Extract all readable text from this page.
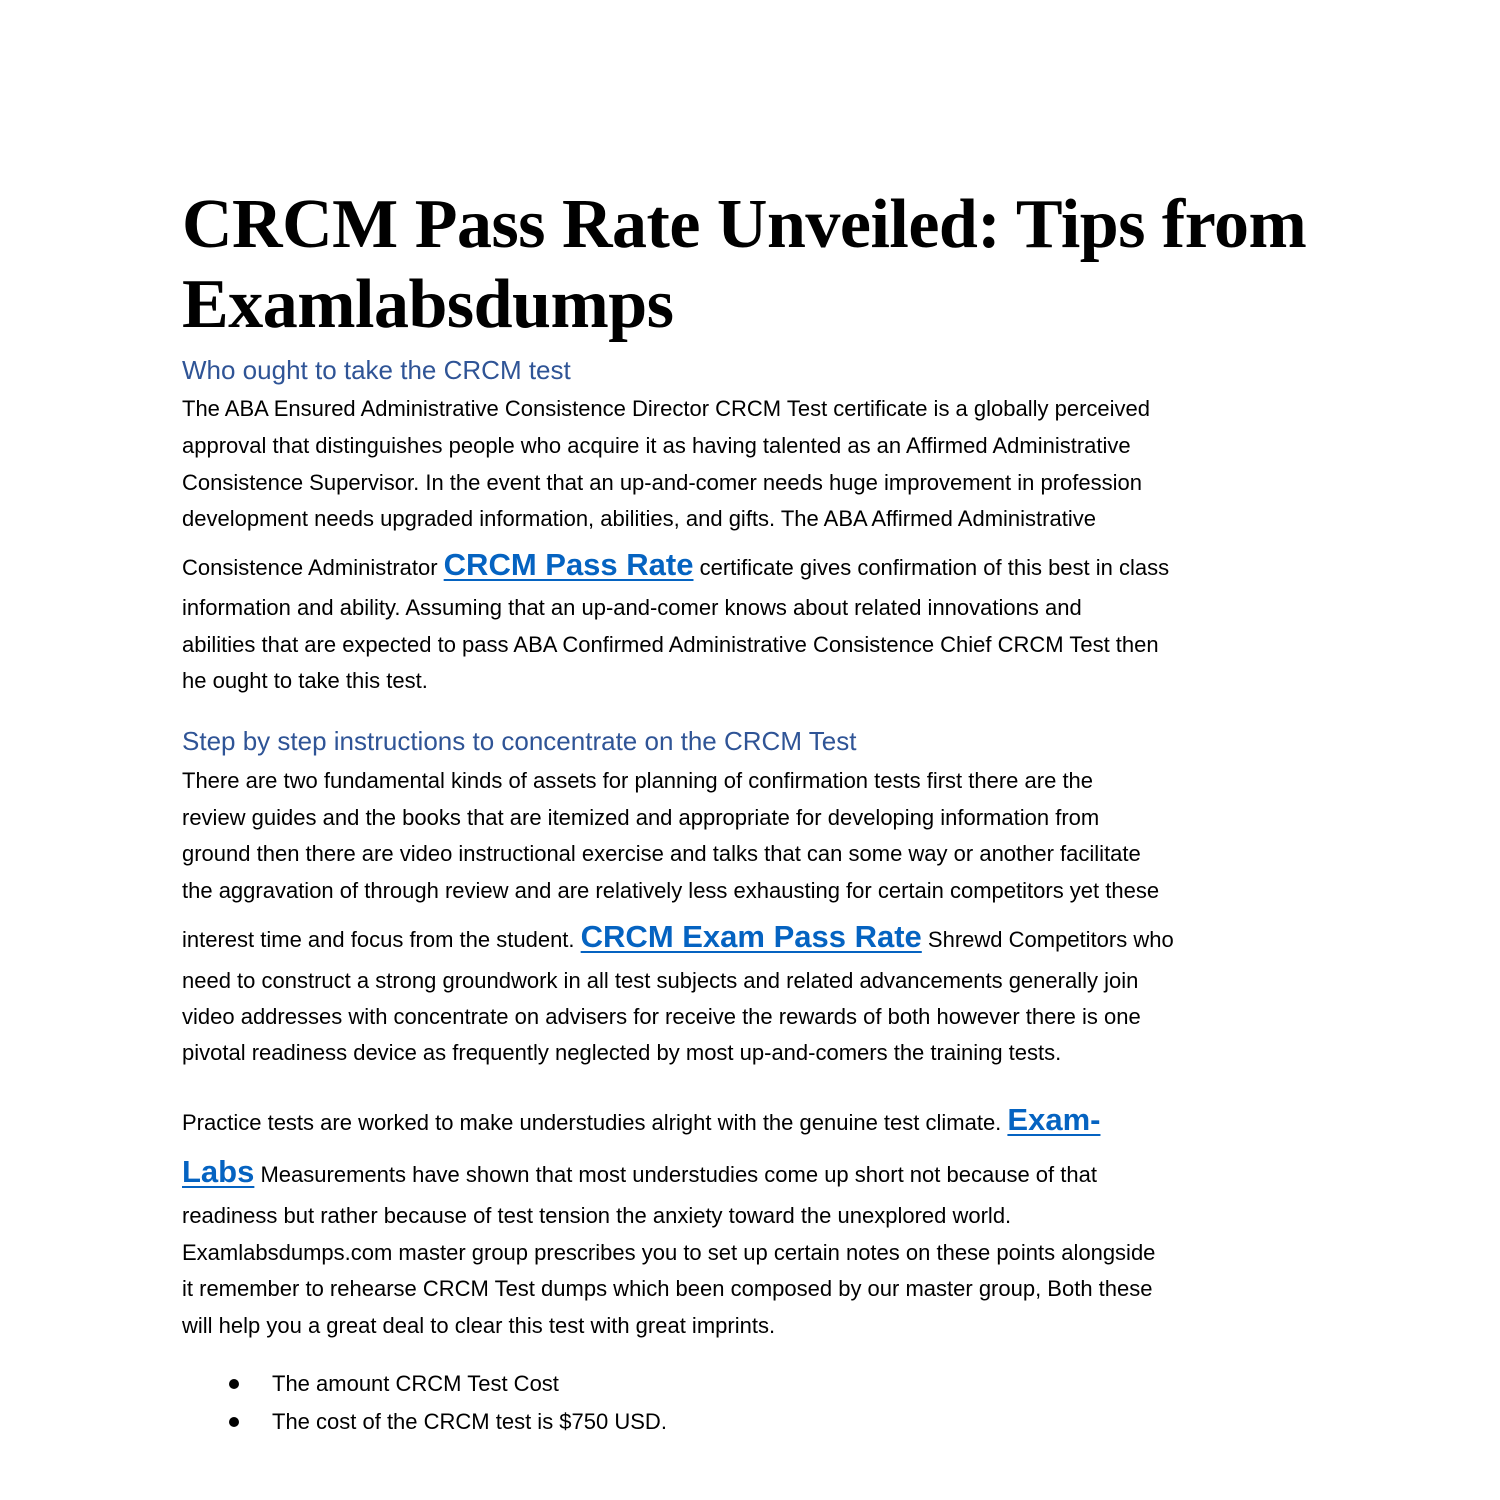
CRCM Pass Rate Unveiled: Tips from
Examlabsdumps
Who ought to take the CRCM test
The ABA Ensured Administrative Consistence Director CRCM Test certificate is a globally perceived
approval that distinguishes people who acquire it as having talented as an Affirmed Administrative
Consistence Supervisor. In the event that an up-and-comer needs huge improvement in profession
development needs upgraded information, abilities, and gifts. The ABA Affirmed Administrative
Consistence Administrator CRCM Pass Rate certificate gives confirmation of this best in class
information and ability. Assuming that an up-and-comer knows about related innovations and
abilities that are expected to pass ABA Confirmed Administrative Consistence Chief CRCM Test then
he ought to take this test.
Step by step instructions to concentrate on the CRCM Test
There are two fundamental kinds of assets for planning of confirmation tests first there are the
review guides and the books that are itemized and appropriate for developing information from
ground then there are video instructional exercise and talks that can some way or another facilitate
the aggravation of through review and are relatively less exhausting for certain competitors yet these
interest time and focus from the student. CRCM Exam Pass Rate Shrewd Competitors who
need to construct a strong groundwork in all test subjects and related advancements generally join
video addresses with concentrate on advisers for receive the rewards of both however there is one
pivotal readiness device as frequently neglected by most up-and-comers the training tests.
Practice tests are worked to make understudies alright with the genuine test climate. Exam-
Labs Measurements have shown that most understudies come up short not because of that
readiness but rather because of test tension the anxiety toward the unexplored world.
Examlabsdumps.com master group prescribes you to set up certain notes on these points alongside
it remember to rehearse CRCM Test dumps which been composed by our master group, Both these
will help you a great deal to clear this test with great imprints.
The amount CRCM Test Cost
The cost of the CRCM test is $750 USD.
